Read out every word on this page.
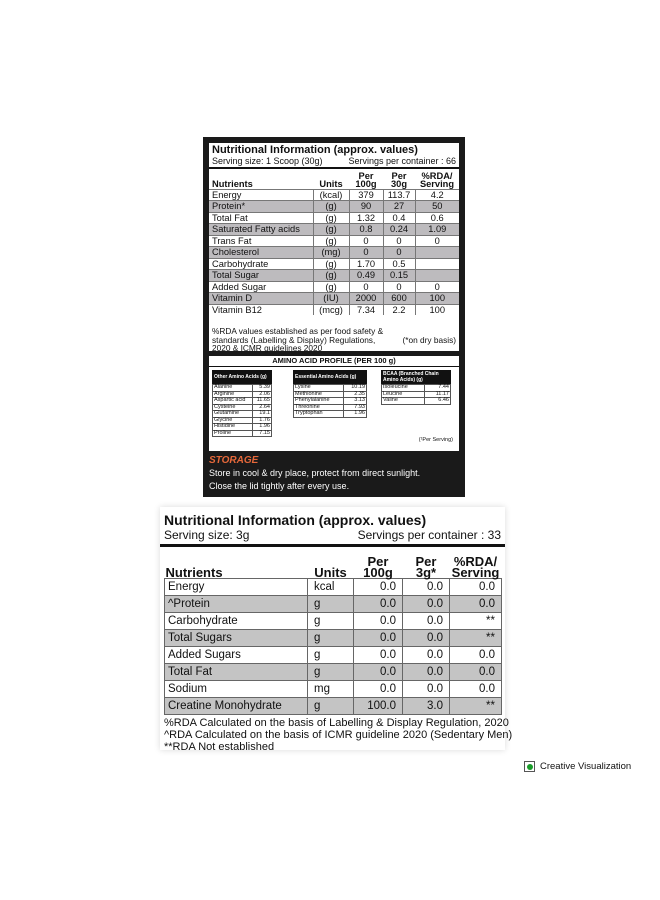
Nutritional Information (approx. values)
Serving size: 1 Scoop (30g)	Servings per container : 66
Nutrients	Units	Per 100g	Per 30g	%RDA/ Serving
Energy	(kcal)	379	113.7	4.2
Protein*	(g)	90	27	50
Total Fat	(g)	1.32	0.4	0.6
Saturated Fatty acids	(g)	0.8	0.24	1.09
Trans Fat	(g)	0	0	0
Cholesterol	(mg)	0	0	
Carbohydrate	(g)	1.70	0.5	
Total Sugar	(g)	0.49	0.15	
Added Sugar	(g)	0	0	0
Vitamin D	(IU)	2000	600	100
Vitamin B12	(mcg)	7.34	2.2	100
%RDA values established as per food safety &
standards (Labelling & Display) Regulations,	(*on dry basis)
2020 & ICMR guidelines 2020
AMINO ACID PROFILE (PER 100 g)
Other Amino Acids (g)
Alanine	5.39
Arginine	2.06
Aspartic acid	11.65
Cysteine	2.64
Glutamine	19.1
Glycine	1.76
Histidine	1.96
Proline	7.15
Essential Amino Acids (g)
Lysine	10.19
Methionine	2.35
Phenylalanine	3.13
Threonine	7.93
Tryptophan	1.96
BCAA (Branched Chain Amino Acids) (g)
Isoleucine	7.44
Leucine	11.17
Valine	6.46
(¹Per Serving)
STORAGE
Store in cool & dry place, protect from direct sunlight.
Close the lid tightly after every use.
Nutritional Information (approx. values)
Serving size: 3g	Servings per container : 33
Nutrients	Units	Per 100g	Per 3g*	%RDA/ Serving
Energy	kcal	0.0	0.0	0.0
^Protein	g	0.0	0.0	0.0
Carbohydrate	g	0.0	0.0	**
Total Sugars	g	0.0	0.0	**
Added Sugars	g	0.0	0.0	0.0
Total Fat	g	0.0	0.0	0.0
Sodium	mg	0.0	0.0	0.0
Creatine Monohydrate	g	100.0	3.0	**
%RDA Calculated on the basis of Labelling & Display Regulation, 2020
^RDA Calculated on the basis of ICMR guideline 2020 (Sedentary Men)
**RDA Not established
Creative Visualization
